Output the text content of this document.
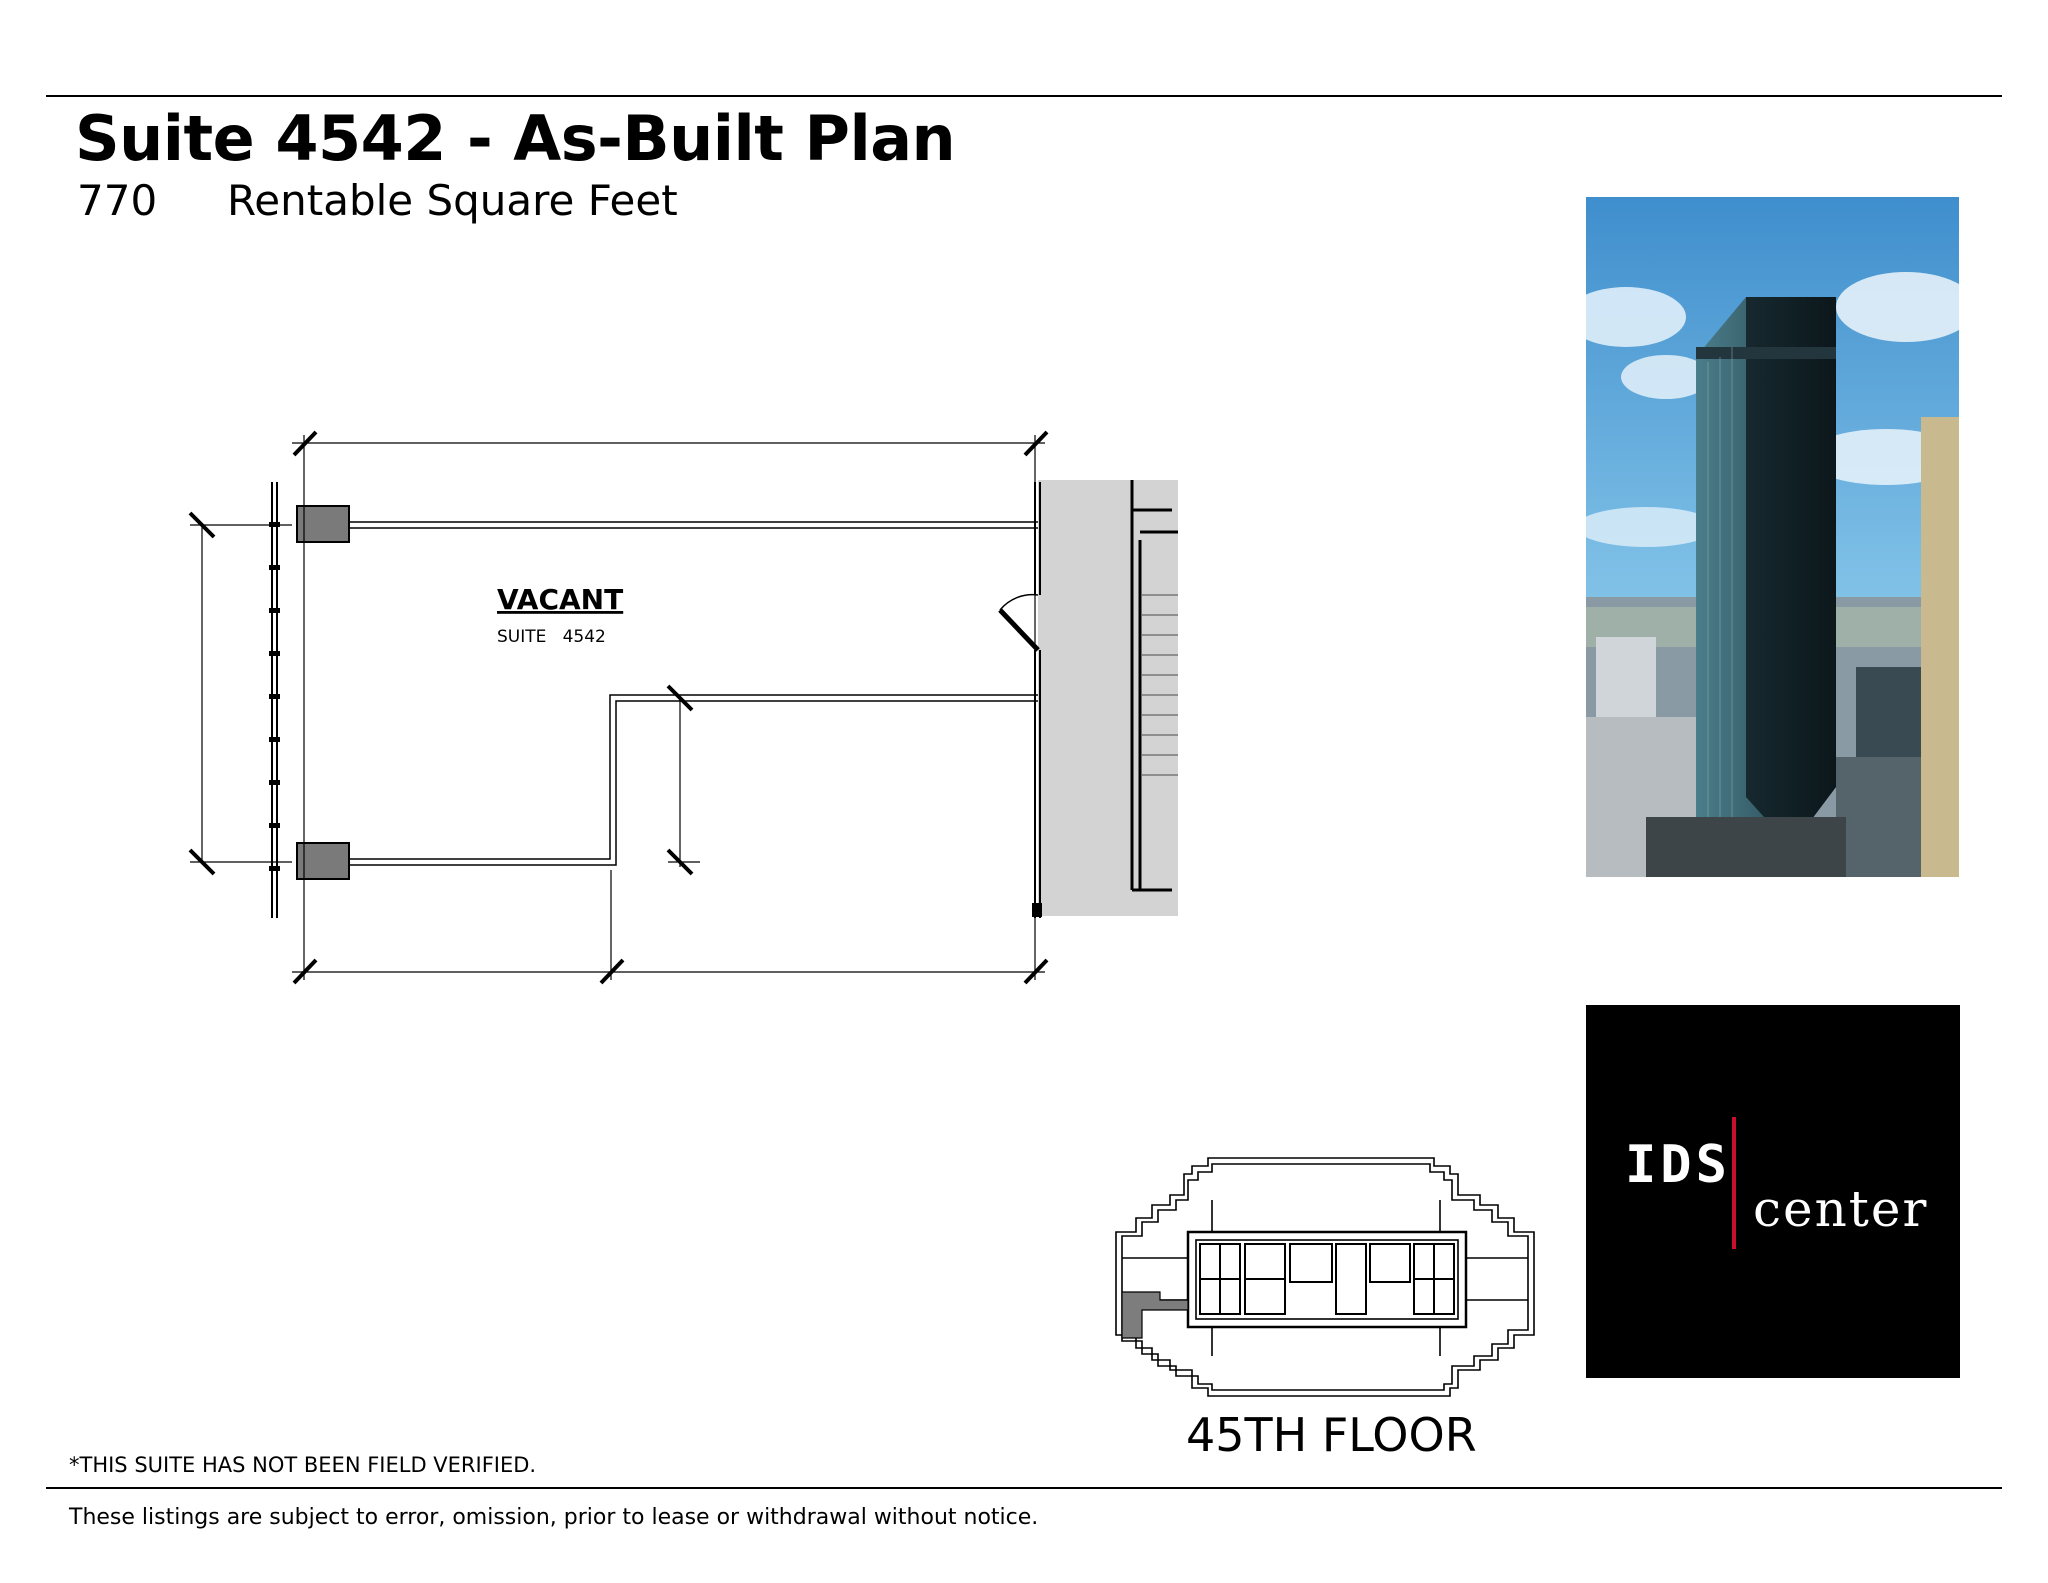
Suite 4542 - As-Built Plan
770 Rentable Square Feet
VACANT
SUITE   4542
45TH FLOOR
IDS
center
*THIS SUITE HAS NOT BEEN FIELD VERIFIED.
These listings are subject to error, omission, prior to lease or withdrawal without notice.
